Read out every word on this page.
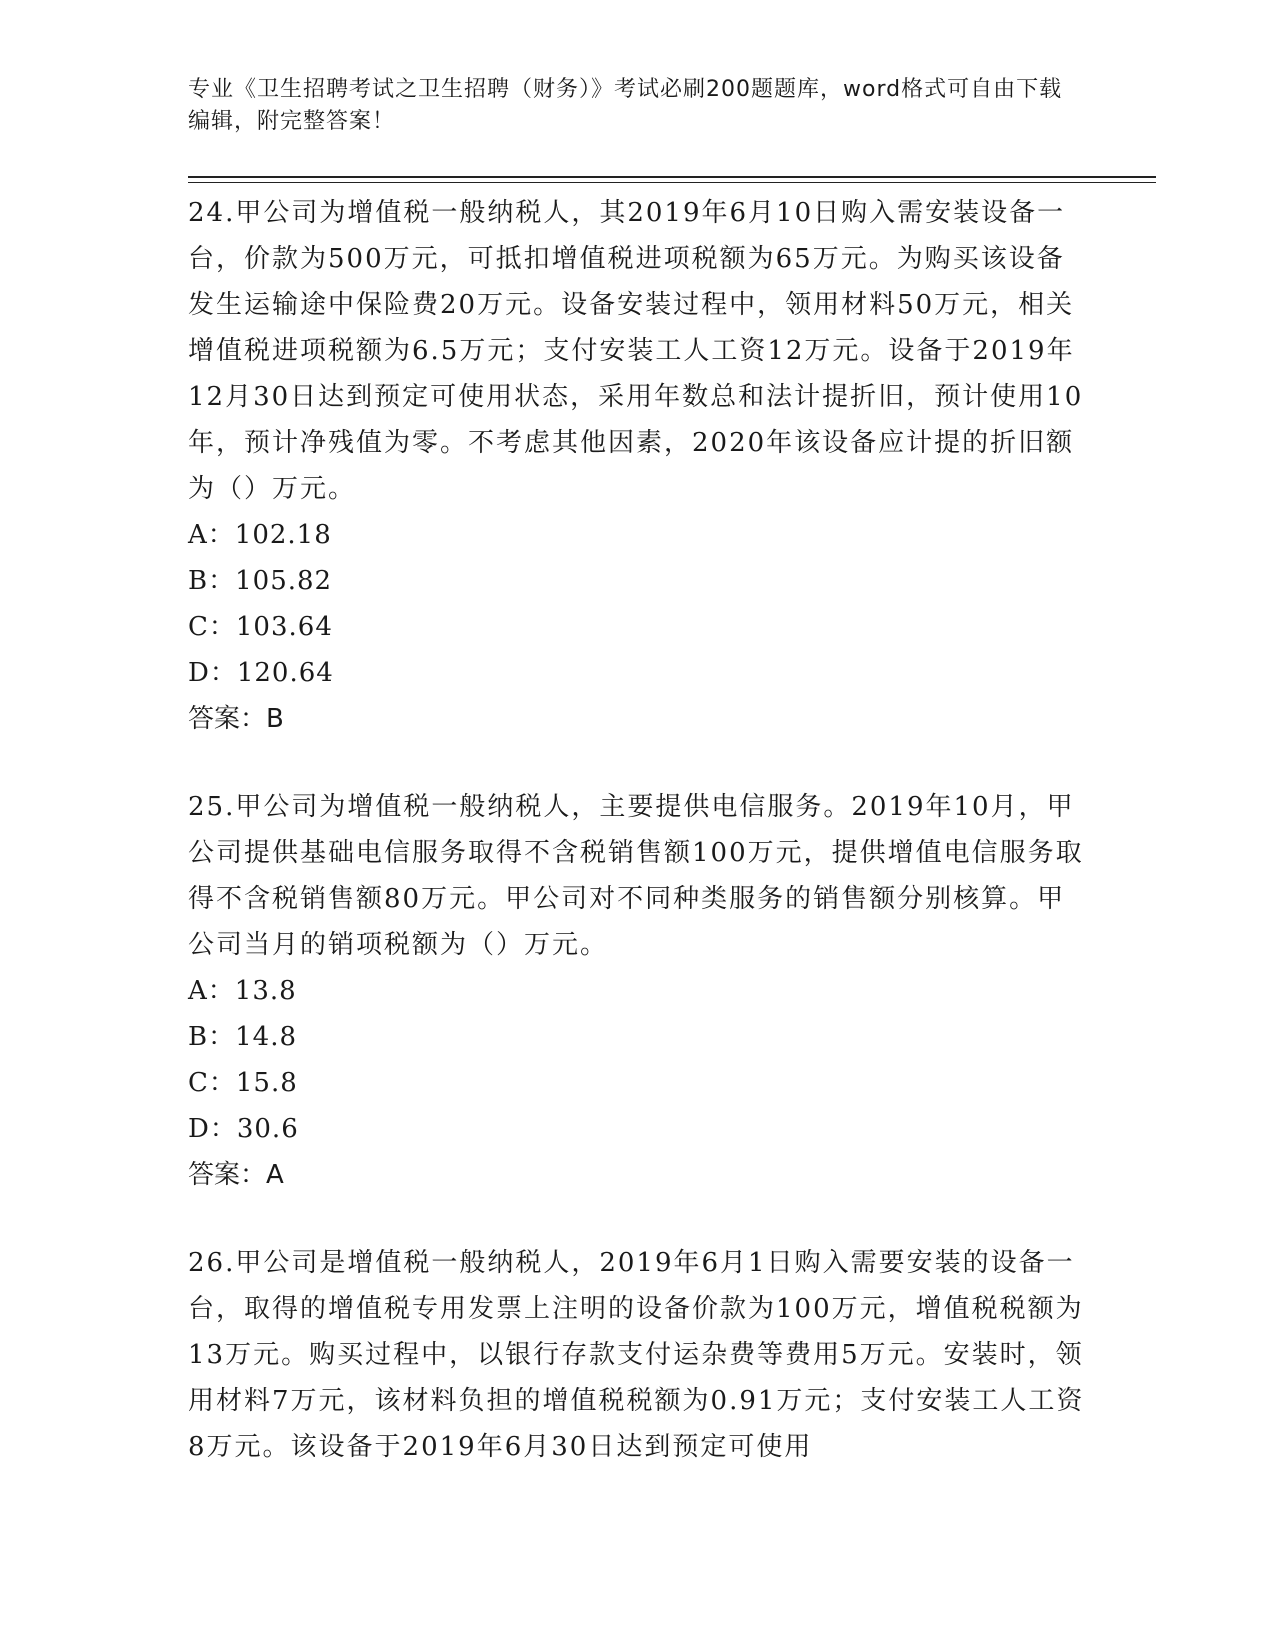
专业《卫生招聘考试之卫生招聘（财务）》考试必刷200题题库，word格式可自由下载编辑，附完整答案！
24.甲公司为增值税一般纳税人，其2019年6月10日购入需安装设备一台，价款为500万元，可抵扣增值税进项税额为65万元。为购买该设备发生运输途中保险费20万元。设备安装过程中，领用材料50万元，相关增值税进项税额为6.5万元；支付安装工人工资12万元。设备于2019年12月30日达到预定可使用状态，采用年数总和法计提折旧，预计使用10年，预计净残值为零。不考虑其他因素，2020年该设备应计提的折旧额为（）万元。
A：102.18
B：105.82
C：103.64
D：120.64
答案：B
25.甲公司为增值税一般纳税人，主要提供电信服务。2019年10月，甲公司提供基础电信服务取得不含税销售额100万元，提供增值电信服务取得不含税销售额80万元。甲公司对不同种类服务的销售额分别核算。甲公司当月的销项税额为（）万元。
A：13.8
B：14.8
C：15.8
D：30.6
答案：A
26.甲公司是增值税一般纳税人，2019年6月1日购入需要安装的设备一台，取得的增值税专用发票上注明的设备价款为100万元，增值税税额为13万元。购买过程中，以银行存款支付运杂费等费用5万元。安装时，领用材料7万元，该材料负担的增值税税额为0.91万元；支付安装工人工资8万元。该设备于2019年6月30日达到预定可使用
